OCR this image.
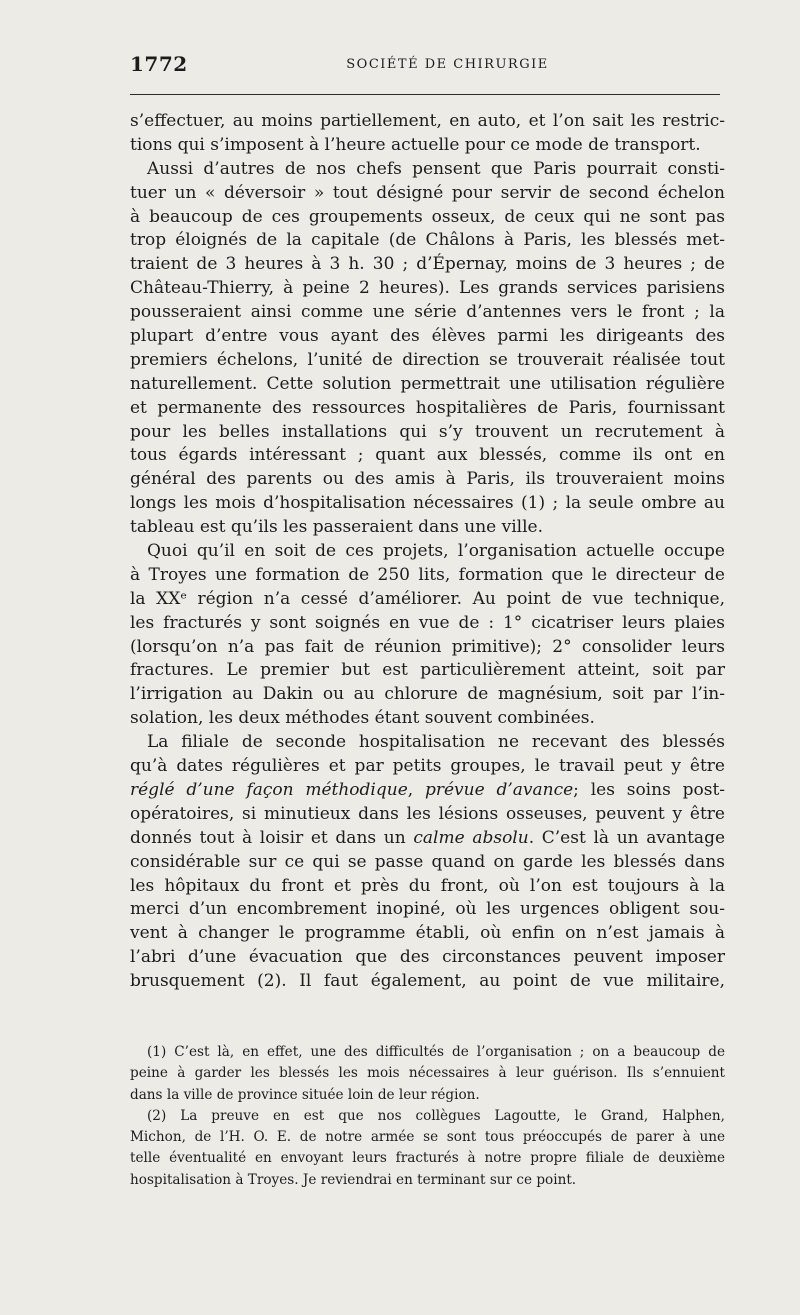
1772	SOCIÉTÉ DE CHIRURGIE
s’effectuer, au moins partiellement, en auto, et l’on sait les restric-
tions qui s’imposent à l’heure actuelle pour ce mode de transport.
Aussi d’autres de nos chefs pensent que Paris pourrait consti-
tuer un « déversoir » tout désigné pour servir de second échelon
à beaucoup de ces groupements osseux, de ceux qui ne sont pas
trop éloignés de la capitale (de Châlons à Paris, les blessés met-
traient de 3 heures à 3 h. 30 ; d’Épernay, moins de 3 heures ; de
Château-Thierry, à peine 2 heures). Les grands services parisiens
pousseraient ainsi comme une série d’antennes vers le front ; la
plupart d’entre vous ayant des élèves parmi les dirigeants des
premiers échelons, l’unité de direction se trouverait réalisée tout
naturellement. Cette solution permettrait une utilisation régulière
et permanente des ressources hospitalières de Paris, fournissant
pour les belles installations qui s’y trouvent un recrutement à
tous égards intéressant ; quant aux blessés, comme ils ont en
général des parents ou des amis à Paris, ils trouveraient moins
longs les mois d’hospitalisation nécessaires (1) ; la seule ombre au
tableau est qu’ils les passeraient dans une ville.
Quoi qu’il en soit de ces projets, l’organisation actuelle occupe
à Troyes une formation de 250 lits, formation que le directeur de
la XXᵉ région n’a cessé d’améliorer. Au point de vue technique,
les fracturés y sont soignés en vue de : 1° cicatriser leurs plaies
(lorsqu’on n’a pas fait de réunion primitive); 2° consolider leurs
fractures. Le premier but est particulièrement atteint, soit par
l’irrigation au Dakin ou au chlorure de magnésium, soit par l’in-
solation, les deux méthodes étant souvent combinées.
La filiale de seconde hospitalisation ne recevant des blessés
qu’à dates régulières et par petits groupes, le travail peut y être
réglé d’une façon méthodique, prévue d’avance; les soins post-
opératoires, si minutieux dans les lésions osseuses, peuvent y être
donnés tout à loisir et dans un calme absolu. C’est là un avantage
considérable sur ce qui se passe quand on garde les blessés dans
les hôpitaux du front et près du front, où l’on est toujours à la
merci d’un encombrement inopiné, où les urgences obligent sou-
vent à changer le programme établi, où enfin on n’est jamais à
l’abri d’une évacuation que des circonstances peuvent imposer
brusquement (2). Il faut également, au point de vue militaire,
(1) C’est là, en effet, une des difficultés de l’organisation ; on a beaucoup de
peine à garder les blessés les mois nécessaires à leur guérison. Ils s’ennuient
dans la ville de province située loin de leur région.
(2) La preuve en est que nos collègues Lagoutte, le Grand, Halphen,
Michon, de l’H. O. E. de notre armée se sont tous préoccupés de parer à une
telle éventualité en envoyant leurs fracturés à notre propre filiale de deuxième
hospitalisation à Troyes. Je reviendrai en terminant sur ce point.
